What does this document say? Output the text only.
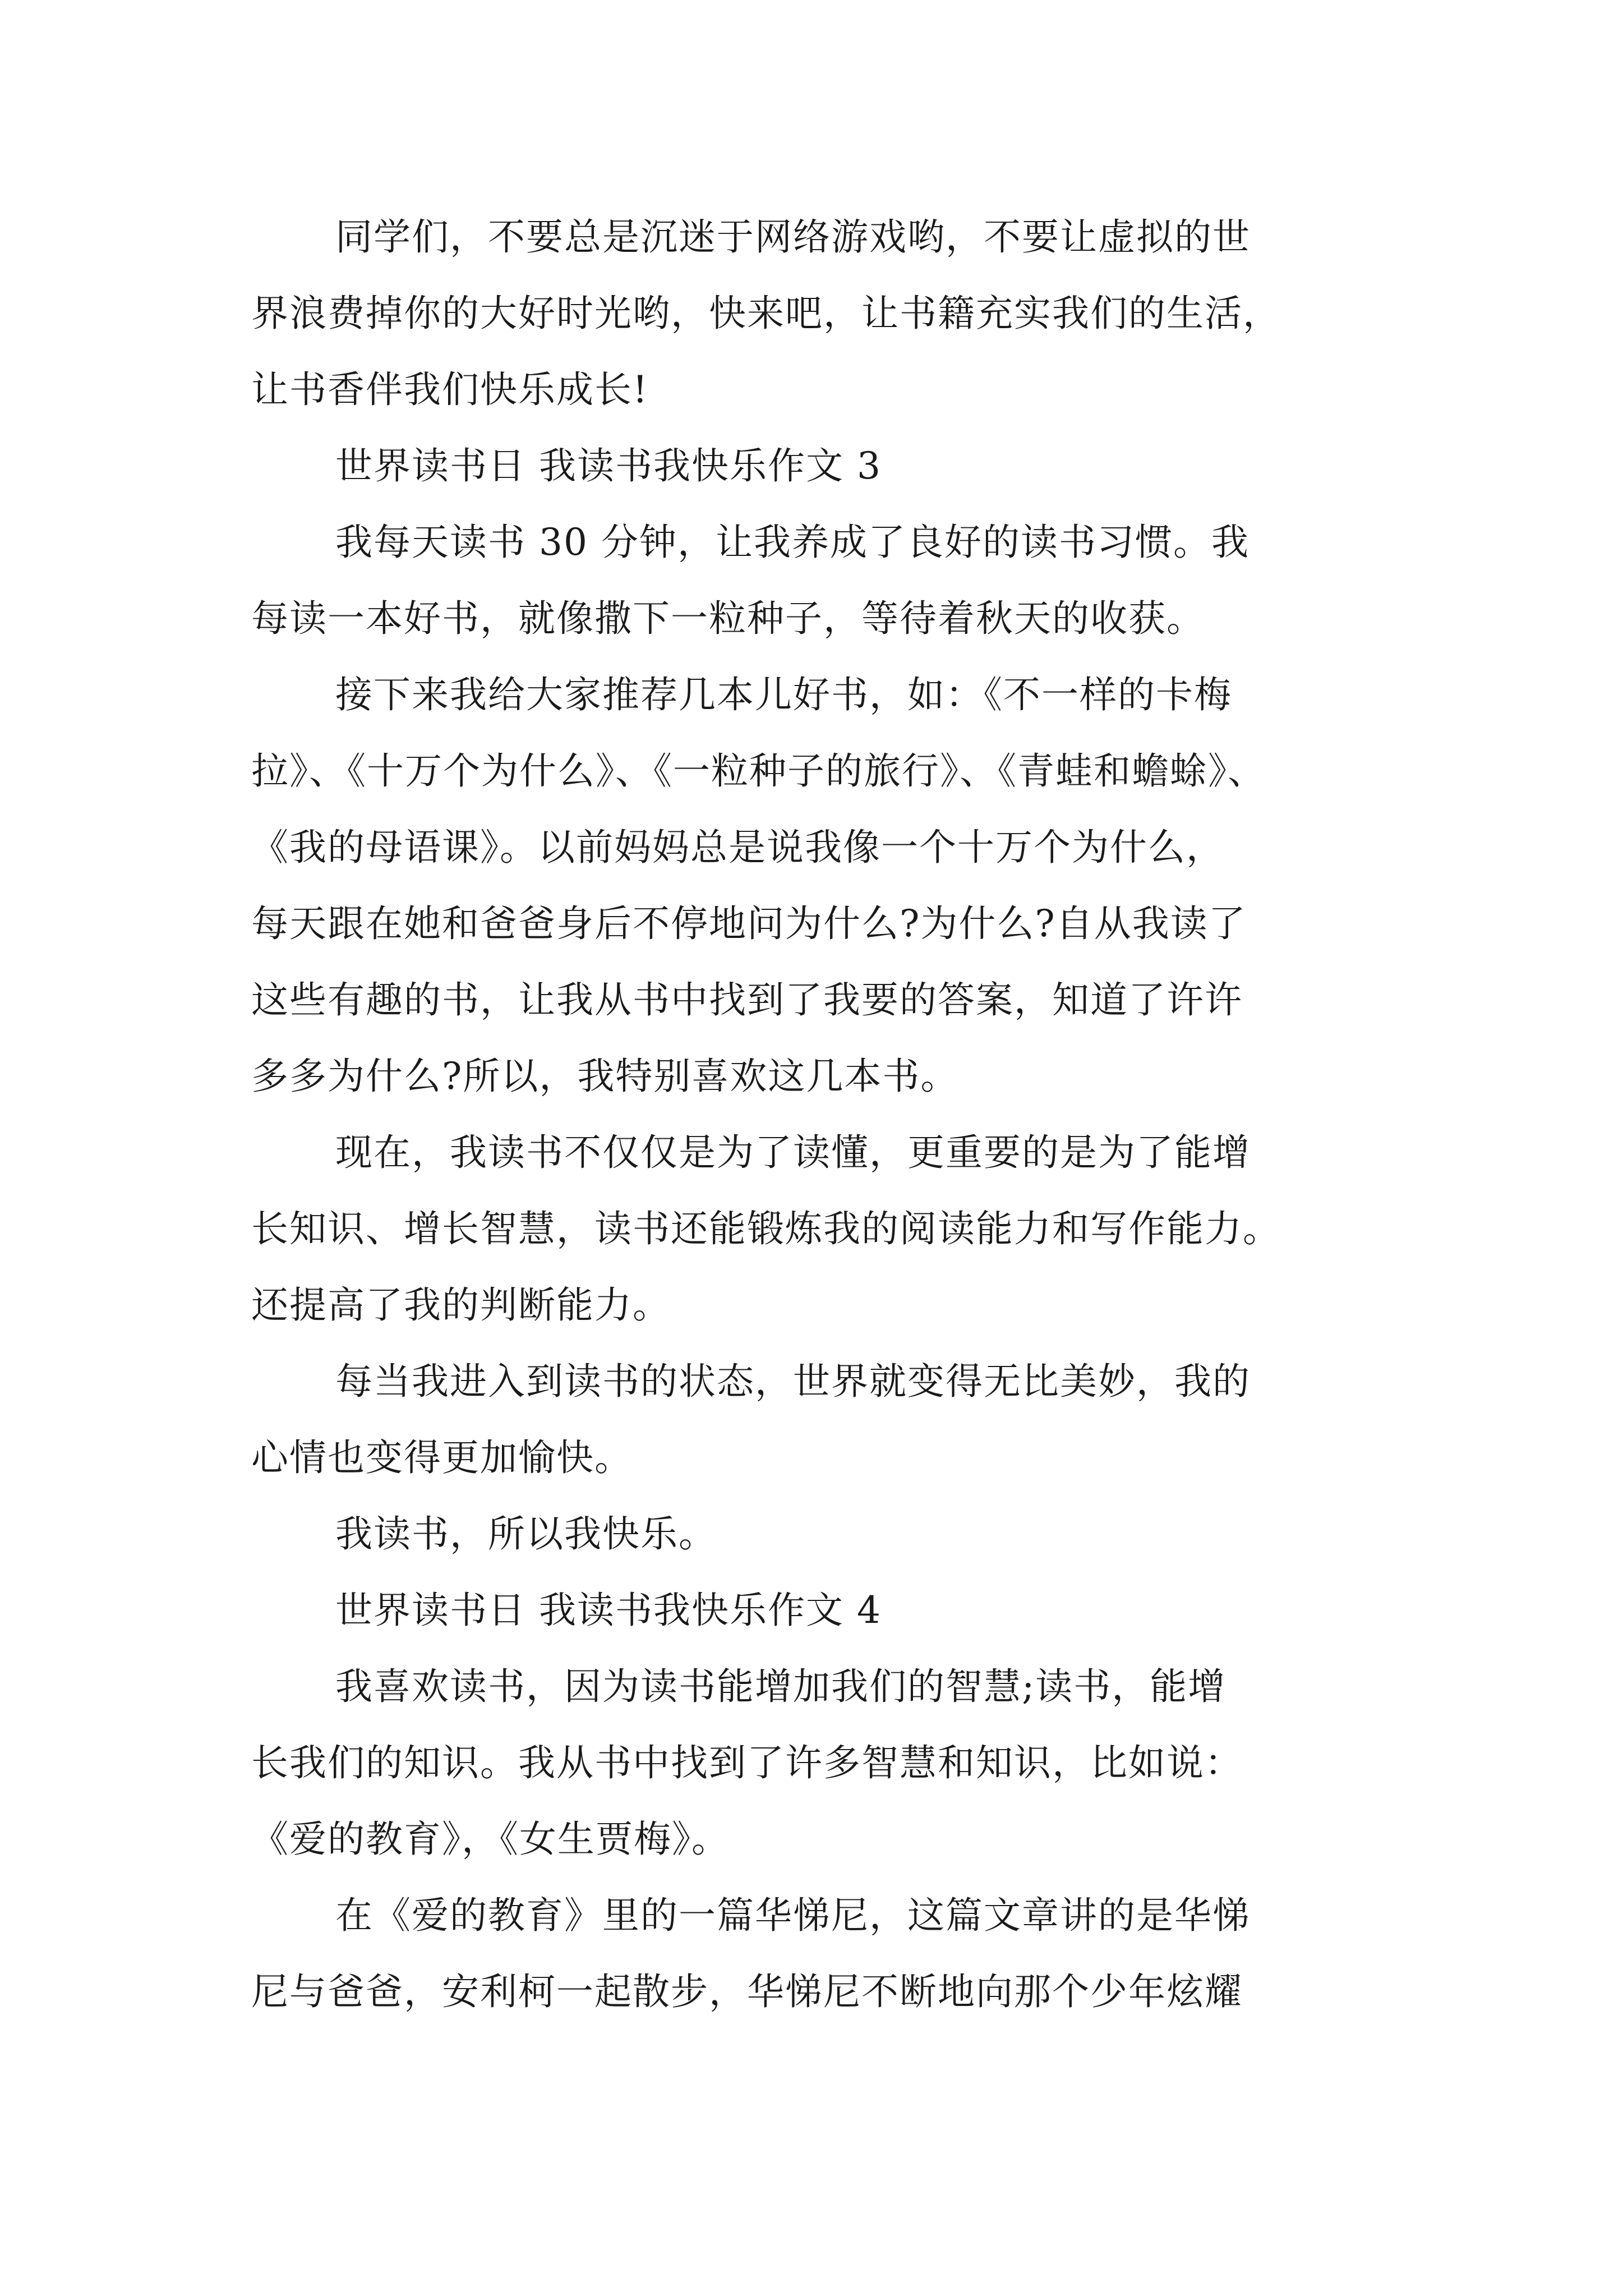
同学们，不要总是沉迷于网络游戏哟，不要让虚拟的世
界浪费掉你的大好时光哟，快来吧，让书籍充实我们的生活，
让书香伴我们快乐成长!
世界读书日 我读书我快乐作文 3
我每天读书 30 分钟，让我养成了良好的读书习惯。我
每读一本好书，就像撒下一粒种子，等待着秋天的收获。
接下来我给大家推荐几本儿好书，如：《不一样的卡梅
拉》、《十万个为什么》、《一粒种子的旅行》、《青蛙和蟾蜍》、
《我的母语课》。以前妈妈总是说我像一个十万个为什么，
每天跟在她和爸爸身后不停地问为什么?为什么?自从我读了
这些有趣的书，让我从书中找到了我要的答案，知道了许许
多多为什么?所以，我特别喜欢这几本书。
现在，我读书不仅仅是为了读懂，更重要的是为了能增
长知识、增长智慧，读书还能锻炼我的阅读能力和写作能力。
还提高了我的判断能力。
每当我进入到读书的状态，世界就变得无比美妙，我的
心情也变得更加愉快。
我读书，所以我快乐。
世界读书日 我读书我快乐作文 4
我喜欢读书，因为读书能增加我们的智慧;读书，能增
长我们的知识。我从书中找到了许多智慧和知识，比如说：
《爱的教育》，《女生贾梅》。
在《爱的教育》里的一篇华悌尼，这篇文章讲的是华悌
尼与爸爸，安利柯一起散步，华悌尼不断地向那个少年炫耀
